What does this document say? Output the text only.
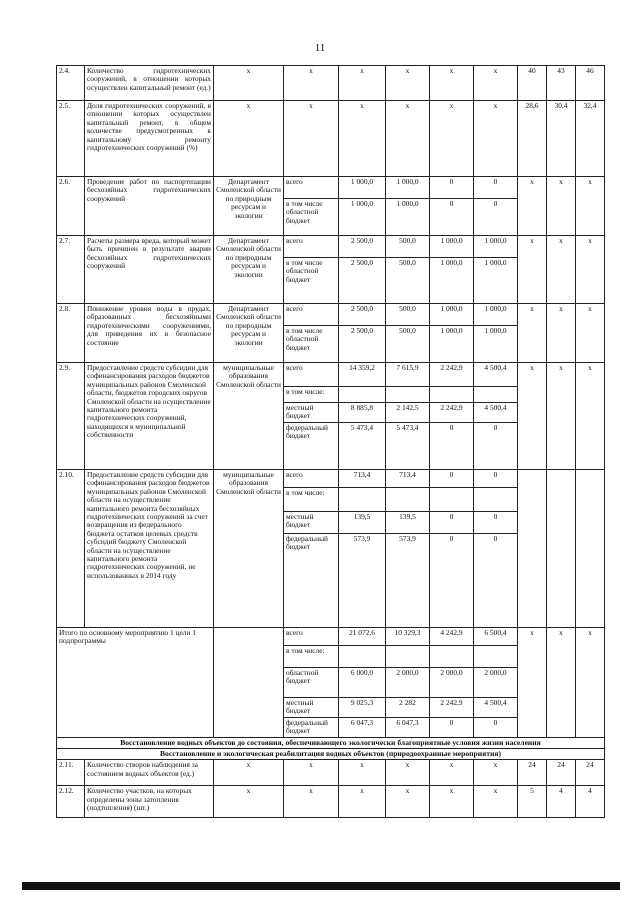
11
2.4.	Количество гидротехнических сооружений, в отношении которых осуществлен капитальный ремонт (ед.)	х	х	х	х	х	х	40	43	46
2.5.	Доля гидротехнических сооружений, в отношении которых осуществлен капитальный ремонт, в общем количестве предусмотренных к капитальному ремонту гидротехнических сооружений (%)	х	х	х	х	х	х	28,6	30,4	32,4
2.6.	Проведение работ по паспортизации бесхозяйных гидротехнических сооружений	Департамент Смоленской области по природным ресурсам и экологии	всего	1 000,0	1 000,0	0	0	х	х	х
			в том числе областной бюджет	1 000,0	1 000,0	0	0			
2.7.	Расчеты размера вреда, который может быть причинен в результате аварии бесхозяйных гидротехнических сооружений	Департамент Смоленской области по природным ресурсам и экологии	всего	2 500,0	500,0	1 000,0	1 000,0	х	х	х
			в том числе областной бюджет	2 500,0	500,0	1 000,0	1 000,0			
2.8.	Понижение уровня воды в прудах, образованных бесхозяйными гидротехническими сооружениями, для приведения их в безопасное состояние	Департамент Смоленской области по природным ресурсам и экологии	всего	2 500,0	500,0	1 000,0	1 000,0	х	х	х
			в том числе областной бюджет	2 500,0	500,0	1 000,0	1 000,0			
2.9.	Предоставление средств субсидии для софинансирования расходов бюджетов муниципальных районов Смоленской области, бюджетов городских округов Смоленской области на осуществление капитального ремонта гидротехнических сооружений, находящихся в муниципальной собственности	муниципальные образования Смоленской области	всего	14 359,2	7 615,9	2 242,9	4 500,4	х	х	х
			в том числе:							
			местный бюджет	8 885,8	2 142,5	2 242,9	4 500,4			
			федеральный бюджет	5 473,4	5 473,4	0	0			
2.10.	Предоставление средств субсидии для софинансирования расходов бюджетов муниципальных районов Смоленской области на осуществление капитального ремонта бесхозяйных гидротехнических сооружений за счет возвращения из федерального бюджета остатков целевых средств субсидий бюджету Смоленской области на осуществление капитального ремонта гидротехнических сооружений, не использованных в 2014 году	муниципальные образования Смоленской области	всего	713,4	713,4	0	0			
			в том числе:							
			местный бюджет	139,5	139,5	0	0			
			федеральный бюджет	573,9	573,9	0	0			
Итого по основному мероприятию 1 цели 1 подпрограммы			всего	21 072,6	10 329,3	4 242,9	6 500,4	х	х	х
			в том числе:							
			областной бюджет	6 000,0	2 000,0	2 000,0	2 000,0			
			местный бюджет	9 025,3	2 282	2 242,9	4 500,4			
			федеральный бюджет	6 047,3	6 047,3	0	0			
Восстановление водных объектов до состояния, обеспечивающего экологически благоприятные условия жизни населения										
Восстановление и экологическая реабилитация водных объектов (природоохранные мероприятия)										
2.11.	Количество створов наблюдения за состоянием водных объектов (ед.)	х	х	х	х	х	х	24	24	24
2.12.	Количество участков, на которых определены зоны затопления (подтопления) (шт.)	х	х	х	х	х	х	5	4	4
